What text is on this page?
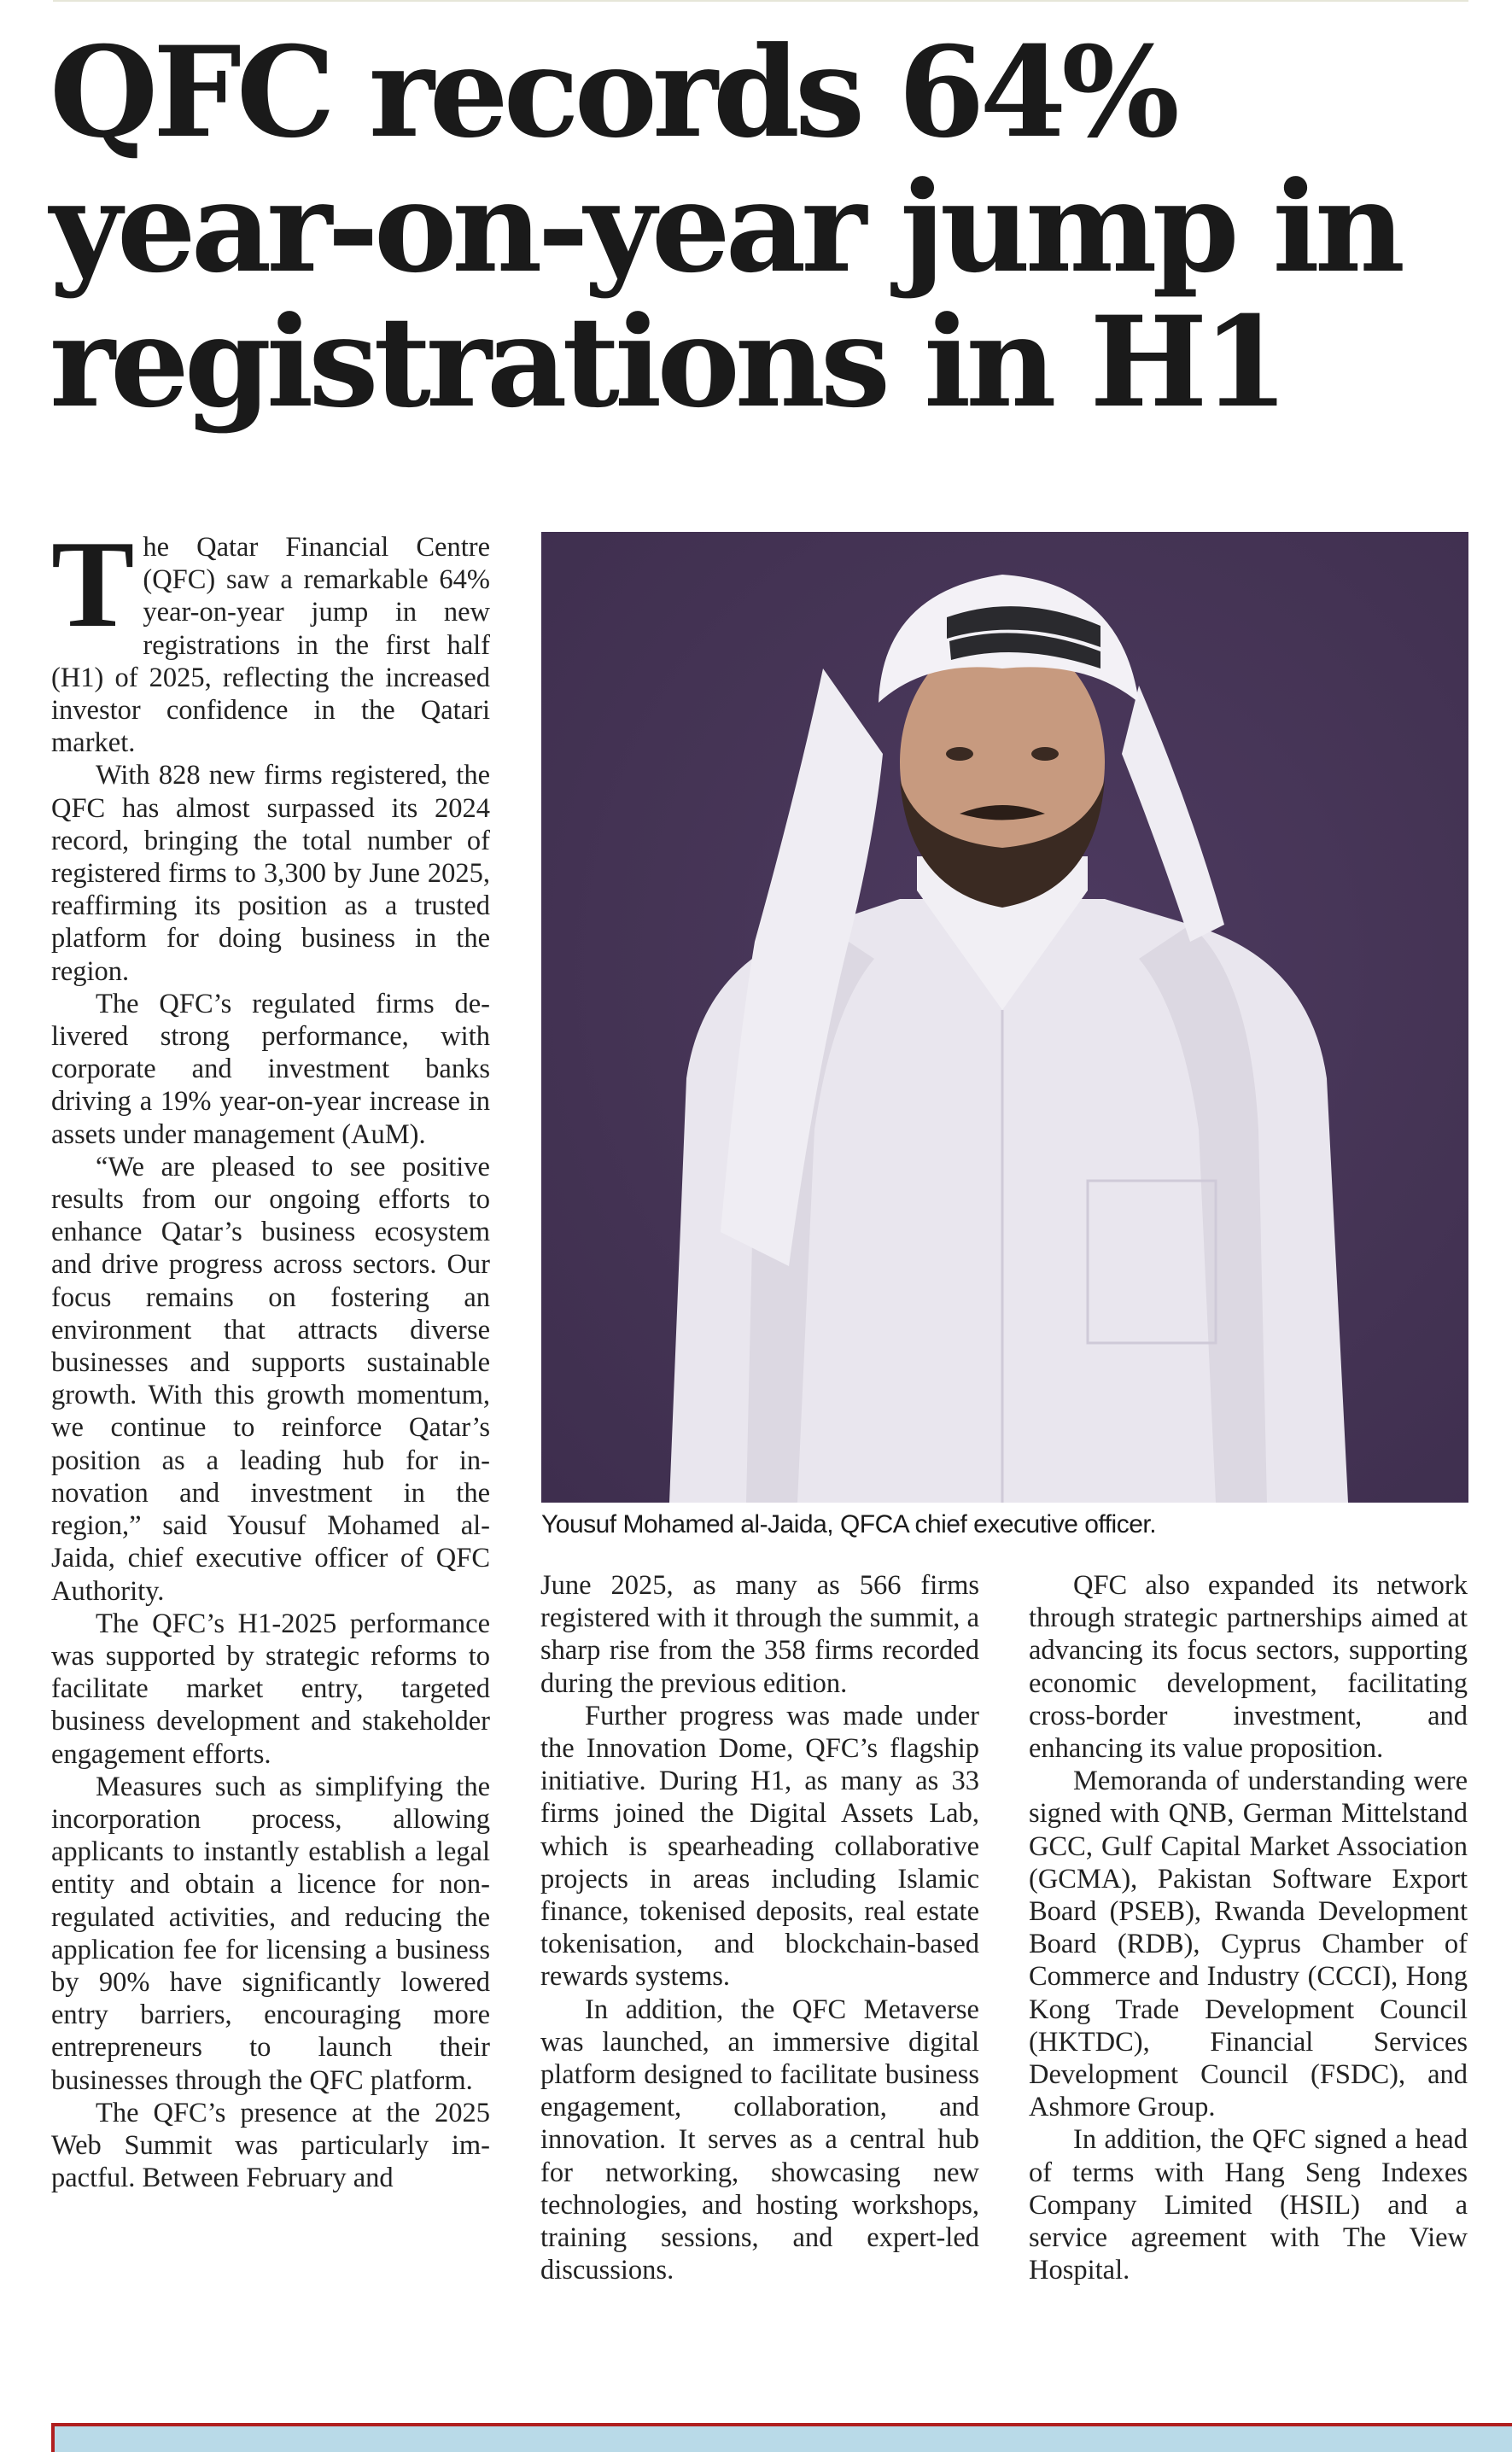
QFC records 64%
year-on-year jump in
registrations in H1

The Qatar Financial Centre (QFC) saw a remarkable 64% year-on-year jump in new registrations in the first half (H1) of 2025, reflecting the increased investor confidence in the Qatari market.

With 828 new firms registered, the QFC has almost surpassed its 2024 record, bringing the total number of registered firms to 3,300 by June 2025, reaffirming its position as a trusted platform for doing business in the region.

The QFC’s regulated firms delivered strong performance, with corporate and investment banks driving a 19% year-on-year increase in assets under management (AuM).

“We are pleased to see positive results from our ongoing efforts to enhance Qatar’s business ecosystem and drive progress across sectors. Our focus remains on fostering an environment that attracts diverse businesses and supports sustainable growth. With this growth momentum, we continue to reinforce Qatar’s position as a leading hub for innovation and investment in the region,” said Yousuf Mohamed al-Jaida, chief executive officer of QFC Authority.

The QFC’s H1-2025 performance was supported by strategic reforms to facilitate market entry, targeted business development and stakeholder engagement efforts.

Measures such as simplifying the incorporation process, allowing applicants to instantly establish a legal entity and obtain a licence for non-regulated activities, and reducing the application fee for licensing a business by 90% have significantly lowered entry barriers, encouraging more entrepreneurs to launch their businesses through the QFC platform.

The QFC’s presence at the 2025 Web Summit was particularly impactful. Between February and

Yousuf Mohamed al-Jaida, QFCA chief executive officer.

June 2025, as many as 566 firms registered with it through the summit, a sharp rise from the 358 firms recorded during the previous edition.

Further progress was made under the Innovation Dome, QFC’s flagship initiative. During H1, as many as 33 firms joined the Digital Assets Lab, which is spearheading collaborative projects in areas including Islamic finance, tokenised deposits, real estate tokenisation, and blockchain-based rewards systems.

In addition, the QFC Metaverse was launched, an immersive digital platform designed to facilitate business engagement, collaboration, and innovation. It serves as a central hub for networking, showcasing new technologies, and hosting workshops, training sessions, and expert-led discussions.

QFC also expanded its network through strategic partnerships aimed at advancing its focus sectors, supporting economic development, facilitating cross-border investment, and enhancing its value proposition.

Memoranda of understanding were signed with QNB, German Mittelstand GCC, Gulf Capital Market Association (GCMA), Pakistan Software Export Board (PSEB), Rwanda Development Board (RDB), Cyprus Chamber of Commerce and Industry (CCCI), Hong Kong Trade Development Council (HKTDC), Financial Services Development Council (FSDC), and Ashmore Group.

In addition, the QFC signed a head of terms with Hang Seng Indexes Company Limited (HSIL) and a service agreement with The View Hospital.
